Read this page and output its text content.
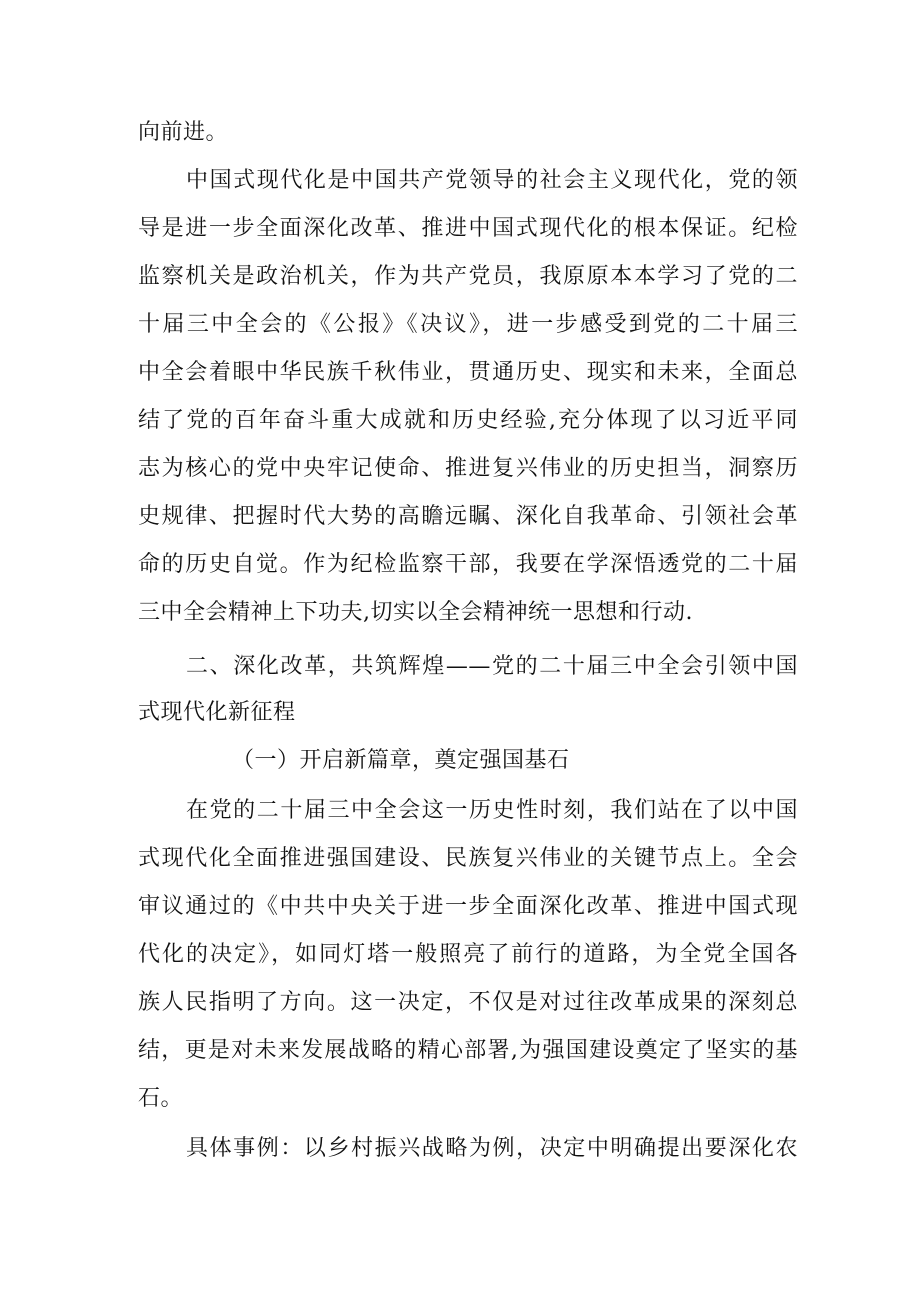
向前进。
中国式现代化是中国共产党领导的社会主义现代化，党的领
导是进一步全面深化改革、推进中国式现代化的根本保证。纪检
监察机关是政治机关，作为共产党员，我原原本本学习了党的二
十届三中全会的《公报》《决议》，进一步感受到党的二十届三
中全会着眼中华民族千秋伟业，贯通历史、现实和未来，全面总
结了党的百年奋斗重大成就和历史经验,充分体现了以习近平同
志为核心的党中央牢记使命、推进复兴伟业的历史担当，洞察历
史规律、把握时代大势的高瞻远瞩、深化自我革命、引领社会革
命的历史自觉。作为纪检监察干部，我要在学深悟透党的二十届
三中全会精神上下功夫,切实以全会精神统一思想和行动.
二、深化改革，共筑辉煌——党的二十届三中全会引领中国
式现代化新征程
（一）开启新篇章，奠定强国基石
在党的二十届三中全会这一历史性时刻，我们站在了以中国
式现代化全面推进强国建设、民族复兴伟业的关键节点上。全会
审议通过的《中共中央关于进一步全面深化改革、推进中国式现
代化的决定》，如同灯塔一般照亮了前行的道路，为全党全国各
族人民指明了方向。这一决定，不仅是对过往改革成果的深刻总
结，更是对未来发展战略的精心部署,为强国建设奠定了坚实的基
石。
具体事例：以乡村振兴战略为例，决定中明确提出要深化农
